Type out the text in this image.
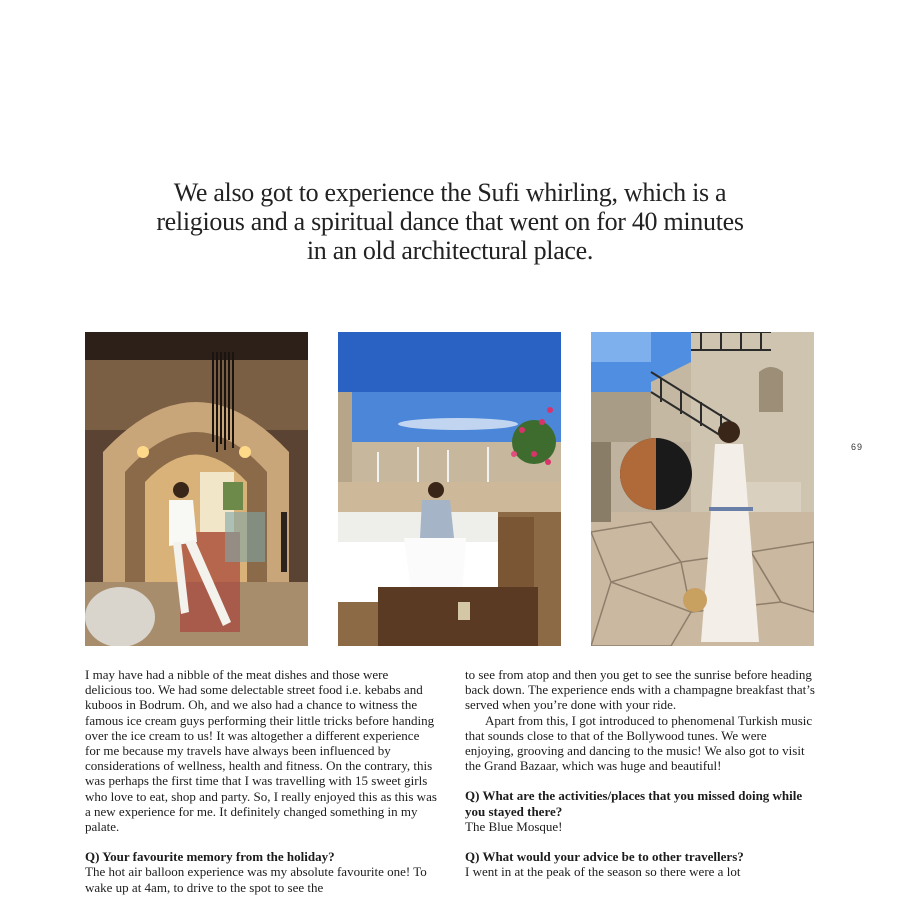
We also got to experience the Sufi whirling, which is a religious and a spiritual dance that went on for 40 minutes in an old architectural place.
69

I may have had a nibble of the meat dishes and those were delicious too. We had some delectable street food i.e. kebabs and kuboos in Bodrum. Oh, and we also had a chance to witness the famous ice cream guys performing their little tricks before handing over the ice cream to us! It was altogether a different experience for me because my travels have always been influenced by considerations of wellness, health and fitness. On the contrary, this was perhaps the first time that I was travelling with 15 sweet girls who love to eat, shop and party. So, I really enjoyed this as this was a new experience for me. It definitely changed something in my palate.

Q) Your favourite memory from the holiday?

The hot air balloon experience was my absolute favourite one! To wake up at 4am, to drive to the spot to see the

to see from atop and then you get to see the sunrise before heading back down. The experience ends with a champagne breakfast that’s served when you’re done with your ride.

Apart from this, I got introduced to phenomenal Turkish music that sounds close to that of the Bollywood tunes. We were enjoying, grooving and dancing to the music! We also got to visit the Grand Bazaar, which was huge and beautiful!

Q) What are the activities/places that you missed doing while you stayed there?

The Blue Mosque!

Q) What would your advice be to other travellers?

I went in at the peak of the season so there were a lot
